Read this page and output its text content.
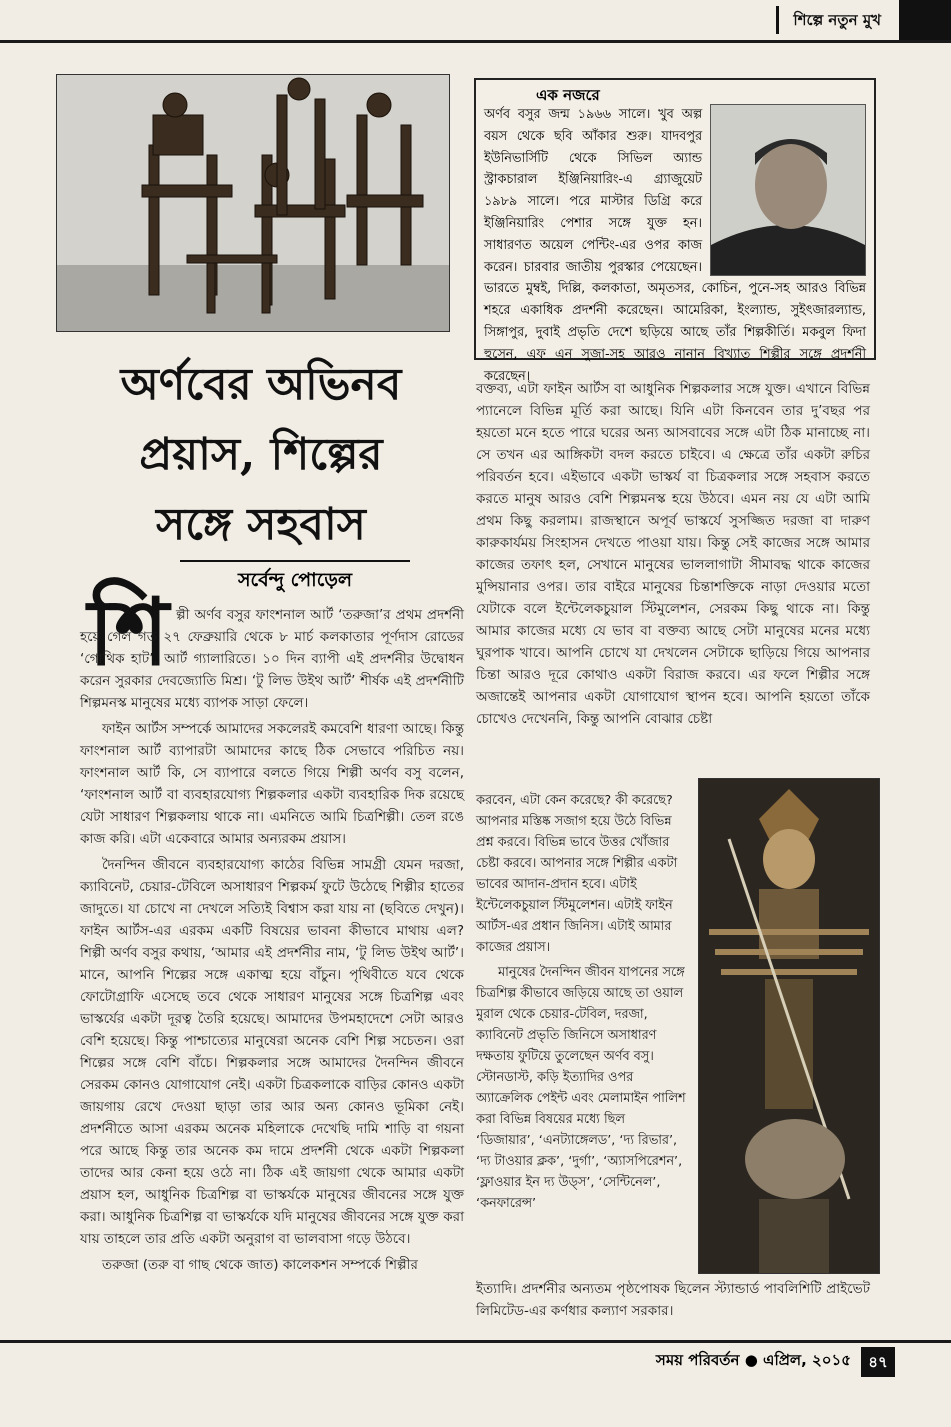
শিল্পে নতুন মুখ
এক নজরে
অর্ণব বসুর জন্ম ১৯৬৬ সালে। খুব অল্প বয়স থেকে ছবি আঁকার শুরু। যাদবপুর ইউনিভার্সিটি থেকে সিভিল অ্যান্ড স্ট্রাকচারাল ইঞ্জিনিয়ারিং-এ গ্র্যাজুয়েট ১৯৮৯ সালে। পরে মাস্টার ডিগ্রি করে ইঞ্জিনিয়ারিং পেশার সঙ্গে যুক্ত হন। সাধারণত অয়েল পেন্টিং-এর ওপর কাজ করেন। চারবার জাতীয় পুরস্কার পেয়েছেন। ভারতে মুম্বই, দিল্লি, কলকাতা, অমৃতসর, কোচিন, পুনে-সহ আরও বিভিন্ন শহরে একাধিক প্রদর্শনী করেছেন। আমেরিকা, ইংল্যান্ড, সুইৎজারল্যান্ড, সিঙ্গাপুর, দুবাই প্রভৃতি দেশে ছড়িয়ে আছে তাঁর শিল্পকীর্তি। মকবুল ফিদা হুসেন, এফ এন সুজা-সহ আরও নানান বিখ্যাত শিল্পীর সঙ্গে প্রদর্শনী করেছেন।
অর্ণবের অভিনব
প্রয়াস, শিল্পের
সঙ্গে সহবাস
সর্বেন্দু পোড়েল
শি ল্পী অর্ণব বসুর ফাংশনাল আর্ট ‘তরুজা’র প্রথম প্রদর্শনী হয়ে গেল গত ২৭ ফেব্রুয়ারি থেকে ৮ মার্চ কলকাতার পূর্ণদাস রোডের ‘গোথিক হাট’, আর্ট গ্যালারিতে। ১০ দিন ব্যাপী এই প্রদর্শনীর উদ্বোধন করেন সুরকার দেবজ্যোতি মিশ্র। ‘টু লিভ উইথ আর্ট’ শীর্ষক এই প্রদর্শনীটি শিল্পমনস্ক মানুষের মধ্যে ব্যাপক সাড়া ফেলে।

ফাইন আর্টস সম্পর্কে আমাদের সকলেরই কমবেশি ধারণা আছে। কিন্তু ফাংশনাল আর্ট ব্যাপারটা আমাদের কাছে ঠিক সেভাবে পরিচিত নয়। ফাংশনাল আর্ট কি, সে ব্যাপারে বলতে গিয়ে শিল্পী অর্ণব বসু বলেন, ‘ফাংশনাল আর্ট বা ব্যবহারযোগ্য শিল্পকলার একটা ব্যবহারিক দিক রয়েছে যেটা সাধারণ শিল্পকলায় থাকে না। এমনিতে আমি চিত্রশিল্পী। তেল রঙে কাজ করি। এটা একেবারে আমার অন্যরকম প্রয়াস।

দৈনন্দিন জীবনে ব্যবহারযোগ্য কাঠের বিভিন্ন সামগ্রী যেমন দরজা, ক্যাবিনেট, চেয়ার-টেবিলে অসাধারণ শিল্পকর্ম ফুটে উঠেছে শিল্পীর হাতের জাদুতে। যা চোখে না দেখলে সত্যিই বিশ্বাস করা যায় না (ছবিতে দেখুন)। ফাইন আর্টস-এর এরকম একটি বিষয়ের ভাবনা কীভাবে মাথায় এল? শিল্পী অর্ণব বসুর কথায়, ‘আমার এই প্রদর্শনীর নাম, ‘টু লিভ উইথ আর্ট’। মানে, আপনি শিল্পের সঙ্গে একাত্ম হয়ে বাঁচুন। পৃথিবীতে যবে থেকে ফোটোগ্রাফি এসেছে তবে থেকে সাধারণ মানুষের সঙ্গে চিত্রশিল্প এবং ভাস্কর্যের একটা দূরত্ব তৈরি হয়েছে। আমাদের উপমহাদেশে সেটা আরও বেশি হয়েছে। কিন্তু পাশ্চাত্যের মানুষেরা অনেক বেশি শিল্প সচেতন। ওরা শিল্পের সঙ্গে বেশি বাঁচে। শিল্পকলার সঙ্গে আমাদের দৈনন্দিন জীবনে সেরকম কোনও যোগাযোগ নেই। একটা চিত্রকলাকে বাড়ির কোনও একটা জায়গায় রেখে দেওয়া ছাড়া তার আর অন্য কোনও ভূমিকা নেই। প্রদর্শনীতে আসা এরকম অনেক মহিলাকে দেখেছি দামি শাড়ি বা গয়না পরে আছে কিন্তু তার অনেক কম দামে প্রদর্শনী থেকে একটা শিল্পকলা তাদের আর কেনা হয়ে ওঠে না। ঠিক এই জায়গা থেকে আমার একটা প্রয়াস হল, আধুনিক চিত্রশিল্প বা ভাস্কর্যকে মানুষের জীবনের সঙ্গে যুক্ত করা। আধুনিক চিত্রশিল্প বা ভাস্কর্যকে যদি মানুষের জীবনের সঙ্গে যুক্ত করা যায় তাহলে তার প্রতি একটা অনুরাগ বা ভালবাসা গড়ে উঠবে।

তরুজা (তরু বা গাছ থেকে জাত) কালেকশন সম্পর্কে শিল্পীর

বক্তব্য, এটা ফাইন আর্টস বা আধুনিক শিল্পকলার সঙ্গে যুক্ত। এখানে বিভিন্ন প্যানেলে বিভিন্ন মূর্তি করা আছে। যিনি এটা কিনবেন তার দু’বছর পর হয়তো মনে হতে পারে ঘরের অন্য আসবাবের সঙ্গে এটা ঠিক মানাচ্ছে না। সে তখন এর আঙ্গিকটা বদল করতে চাইবে। এ ক্ষেত্রে তাঁর একটা রুচির পরিবর্তন হবে। এইভাবে একটা ভাস্কর্য বা চিত্রকলার সঙ্গে সহবাস করতে করতে মানুষ আরও বেশি শিল্পমনস্ক হয়ে উঠবে। এমন নয় যে এটা আমি প্রথম কিছু করলাম। রাজস্থানে অপূর্ব ভাস্কর্যে সুসজ্জিত দরজা বা দারুণ কারুকার্যময় সিংহাসন দেখতে পাওয়া যায়। কিন্তু সেই কাজের সঙ্গে আমার কাজের তফাৎ হল, সেখানে মানুষের ভাললাগাটা সীমাবদ্ধ থাকে কাজের মুন্সিয়ানার ওপর। তার বাইরে মানুষের চিন্তাশক্তিকে নাড়া দেওয়ার মতো যেটাকে বলে ইন্টেলেকচুয়াল স্টিমুলেশন, সেরকম কিছু থাকে না। কিন্তু আমার কাজের মধ্যে যে ভাব বা বক্তব্য আছে সেটা মানুষের মনের মধ্যে ঘুরপাক খাবে। আপনি চোখে যা দেখলেন সেটাকে ছাড়িয়ে গিয়ে আপনার চিন্তা আরও দূরে কোথাও একটা বিরাজ করবে। এর ফলে শিল্পীর সঙ্গে অজান্তেই আপনার একটা যোগাযোগ স্থাপন হবে। আপনি হয়তো তাঁকে চোখেও দেখেননি, কিন্তু আপনি বোঝার চেষ্টা

করবেন, এটা কেন করেছে? কী করেছে? আপনার মস্তিষ্ক সজাগ হয়ে উঠে বিভিন্ন প্রশ্ন করবে। বিভিন্ন ভাবে উত্তর খোঁজার চেষ্টা করবে। আপনার সঙ্গে শিল্পীর একটা ভাবের আদান-প্রদান হবে। এটাই ইন্টেলেকচুয়াল স্টিমুলেশন। এটাই ফাইন আর্টস-এর প্রধান জিনিস। এটাই আমার কাজের প্রয়াস।

মানুষের দৈনন্দিন জীবন যাপনের সঙ্গে চিত্রশিল্প কীভাবে জড়িয়ে আছে তা ওয়াল মুরাল থেকে চেয়ার-টেবিল, দরজা, ক্যাবিনেট প্রভৃতি জিনিসে অসাধারণ দক্ষতায় ফুটিয়ে তুলেছেন অর্ণব বসু। স্টোনডাস্ট, কড়ি ইত্যাদির ওপর অ্যাক্রেলিক পেইন্ট এবং মেলামাইন পালিশ করা বিভিন্ন বিষয়ের মধ্যে ছিল ‘ডিজায়ার’, ‘এনট্যাঙ্গেলড’, ‘দ্য রিভার’, ‘দ্য টাওয়ার ক্লক’, ‘দুর্গা’, ‘অ্যাসপিরেশন’, ‘ফ্লাওয়ার ইন দ্য উড্স’, ‘সেন্টিনেল’, ‘কনফারেন্স’

ইত্যাদি। প্রদর্শনীর অন্যতম পৃষ্ঠপোষক ছিলেন স্ট্যান্ডার্ড পাবলিশিটি প্রাইভেট লিমিটেড-এর কর্ণধার কল্যাণ সরকার।

সময় পরিবর্তন ● এপ্রিল, ২০১৫	৪৭
